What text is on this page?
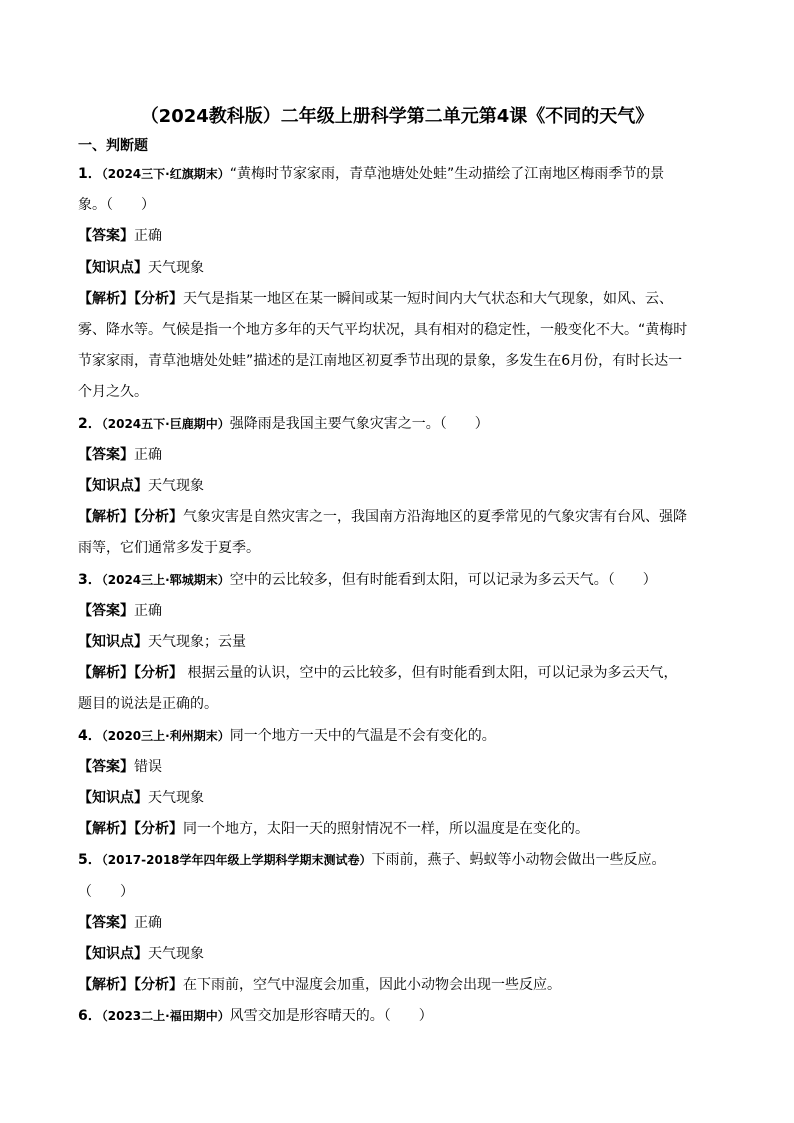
（2024教科版）二年级上册科学第二单元第4课《不同的天气》
一、判断题
1．（2024三下·红旗期末）“黄梅时节家家雨，青草池塘处处蛙”生动描绘了江南地区梅雨季节的景
象。（　　）
【答案】正确
【知识点】天气现象
【解析】【分析】天气是指某一地区在某一瞬间或某一短时间内大气状态和大气现象，如风、云、
雾、降水等。气候是指一个地方多年的天气平均状况，具有相对的稳定性，一般变化不大。“黄梅时
节家家雨，青草池塘处处蛙”描述的是江南地区初夏季节出现的景象，多发生在6月份，有时长达一
个月之久。
2．（2024五下·巨鹿期中）强降雨是我国主要气象灾害之一。（　　）
【答案】正确
【知识点】天气现象
【解析】【分析】气象灾害是自然灾害之一，我国南方沿海地区的夏季常见的气象灾害有台风、强降
雨等，它们通常多发于夏季。
3．（2024三上·郓城期末）空中的云比较多，但有时能看到太阳，可以记录为多云天气。（　　）
【答案】正确
【知识点】天气现象；云量
【解析】【分析】 根据云量的认识，空中的云比较多，但有时能看到太阳，可以记录为多云天气，
题目的说法是正确的。
4．（2020三上·利州期末）同一个地方一天中的气温是不会有变化的。
【答案】错误
【知识点】天气现象
【解析】【分析】同一个地方，太阳一天的照射情况不一样，所以温度是在变化的。
5．（2017-2018学年四年级上学期科学期末测试卷）下雨前，燕子、蚂蚁等小动物会做出一些反应。
（　　）
【答案】正确
【知识点】天气现象
【解析】【分析】在下雨前，空气中湿度会加重，因此小动物会出现一些反应。
6．（2023二上·福田期中）风雪交加是形容晴天的。（　　）
